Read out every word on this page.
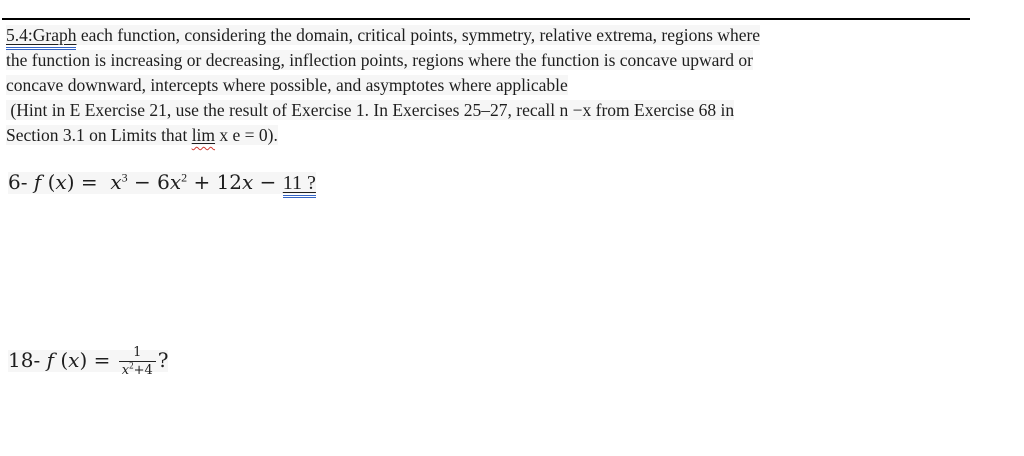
5.4:Graph each function, considering the domain, critical points, symmetry, relative extrema, regions where
the function is increasing or decreasing, inflection points, regions where the function is concave upward or
concave downward, intercepts where possible, and asymptotes where applicable
(Hint in E Exercise 21, use the result of Exercise 1. In Exercises 25–27, recall n −x from Exercise 68 in
Section 3.1 on Limits that lim x e = 0).
6- f $(x) = x^3 - 6x^2 + 12x - 11$ ?
18- f $(x) = \frac{1}{x^2+4}$ ?
